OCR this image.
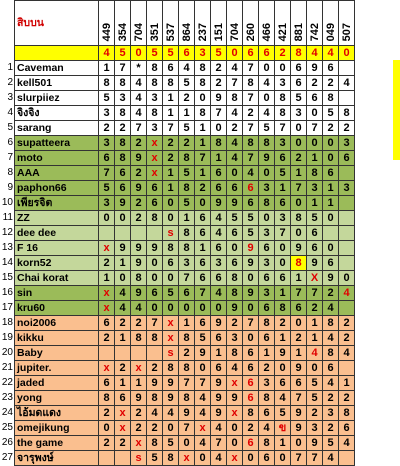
	สิบบน	449	354	704	351	537	864	237	151	704	260	466	421	881	742	049	507
		4	5	0	5	5	6	3	5	0	6	6	2	8	4	4	0
1	Caveman	1	7	*	8	6	4	8	2	4	7	0	0	6	9	6	
2	kell501	8	8	4	8	8	5	8	2	7	8	4	3	6	2	2	4
3	slurpiiez	5	3	4	3	1	2	0	9	8	7	0	8	5	6	8	
4	จิงจิง	3	8	4	8	1	1	8	7	4	2	4	8	3	0	5	8
5	sarang	2	2	7	3	7	5	1	0	2	7	5	7	0	7	2	2
6	supatteera	3	8	2	x	2	2	1	8	4	8	8	3	0	0	0	3
7	moto	6	8	9	x	2	8	7	1	4	7	9	6	2	1	0	6
8	AAA	7	6	2	x	1	5	1	6	0	4	0	5	1	8	6	
9	paphon66	5	6	9	6	1	8	2	6	6	6	3	1	7	3	1	3
10	เพียรจิต	3	9	2	6	0	5	0	9	9	6	8	6	0	1	1	
11	ZZ	0	0	2	8	0	1	6	4	5	5	0	3	8	5	0	
12	dee dee					s	8	6	4	6	5	3	7	0	6		
13	F 16	x	9	9	9	8	8	1	6	0	9	6	0	9	6	0	
14	korn52	2	1	9	0	6	3	6	3	6	9	3	0	8	9	6	
15	Chai korat	1	0	8	0	0	7	6	6	8	0	6	6	1	X	9	0
16	sin	x	4	9	6	5	6	7	4	8	9	3	1	7	7	2	4
17	kru60	x	4	4	0	0	0	0	0	9	0	6	8	6	2	4	
18	noi2006	6	2	2	7	x	1	6	9	2	7	8	2	0	1	8	2
19	kikku	2	1	8	8	x	8	5	6	3	0	6	1	2	1	4	2
20	Baby					s	2	9	1	8	6	1	9	1	4	8	4
21	jupiter.	x	2	x	2	8	8	0	6	4	6	2	0	9	0	6	
22	jaded	6	1	1	9	9	7	7	9	x	6	3	6	6	5	4	1
23	yong	8	6	9	8	9	8	4	9	9	6	8	4	7	5	2	2
24	ไอ้มดแดง	2	x	2	4	4	9	4	9	x	8	6	5	9	2	3	8
25	omejikung	0	x	2	2	0	7	x	4	0	2	4	ข	9	3	2	6
26	the game	2	2	x	8	5	0	4	7	0	6	8	1	0	9	5	4
27	จารุพงษ์			s	5	8	x	0	4	x	0	6	0	7	7	4	
